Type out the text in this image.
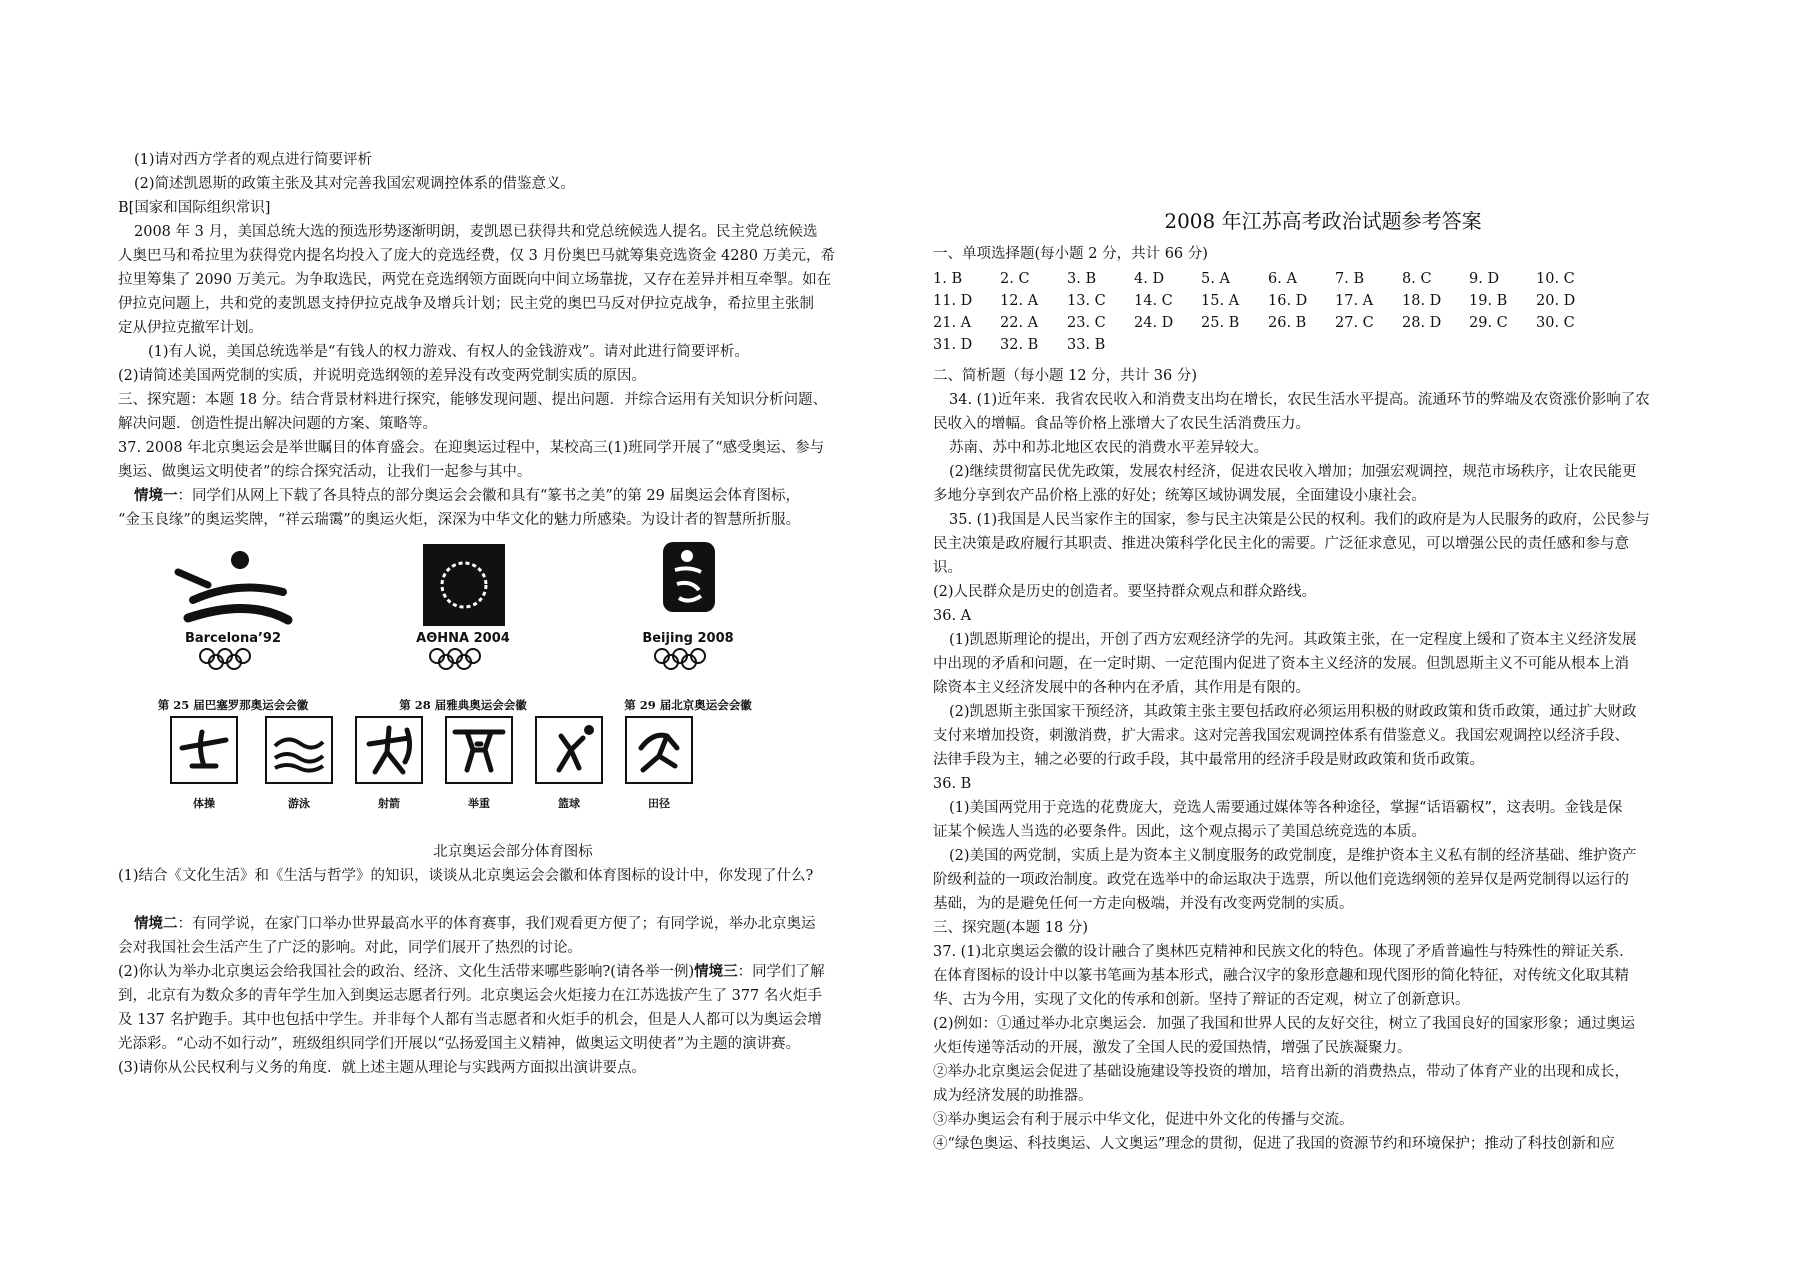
(1)请对西方学者的观点进行简要评析
(2)简述凯恩斯的政策主张及其对完善我国宏观调控体系的借鉴意义。
B[国家和国际组织常识]
2008 年 3 月，美国总统大选的预选形势逐渐明朗，麦凯恩已获得共和党总统候选人提名。民主党总统候选
人奥巴马和希拉里为获得党内提名均投入了庞大的竞选经费，仅 3 月份奥巴马就筹集竞选资金 4280 万美元，希
拉里筹集了 2090 万美元。为争取选民，两党在竞选纲领方面既向中间立场靠拢，又存在差异并相互牵掣。如在
伊拉克问题上，共和党的麦凯恩支持伊拉克战争及增兵计划；民主党的奥巴马反对伊拉克战争，希拉里主张制
定从伊拉克撤军计划。
(1)有人说，美国总统选举是“有钱人的权力游戏、有权人的金钱游戏”。请对此进行简要评析。
(2)请简述美国两党制的实质，并说明竞选纲领的差异没有改变两党制实质的原因。
三、探究题：本题 18 分。结合背景材料进行探究，能够发现问题、提出问题．并综合运用有关知识分析问题、
解决问题．创造性提出解决问题的方案、策略等。
37. 2008 年北京奥运会是举世瞩目的体育盛会。在迎奥运过程中，某校高三(1)班同学开展了“感受奥运、参与
奥运、做奥运文明使者”的综合探究活动，让我们一起参与其中。
情境一：同学们从网上下载了各具特点的部分奥运会会徽和具有“篆书之美”的第 29 届奥运会体育图标，
“金玉良缘”的奥运奖牌，“祥云瑞霭”的奥运火炬，深深为中华文化的魅力所感染。为设计者的智慧所折服。
Barcelona’92
第 25 届巴塞罗那奥运会会徽
AΘHNA 2004
第 28 届雅典奥运会会徽
Beijing 2008
第 29 届北京奥运会会徽
体操	游泳	射箭	举重	篮球	田径
北京奥运会部分体育图标
(1)结合《文化生活》和《生活与哲学》的知识，谈谈从北京奥运会会徽和体育图标的设计中，你发现了什么?
情境二：有同学说，在家门口举办世界最高水平的体育赛事，我们观看更方便了；有同学说，举办北京奥运
会对我国社会生活产生了广泛的影响。对此，同学们展开了热烈的讨论。
(2)你认为举办北京奥运会给我国社会的政治、经济、文化生活带来哪些影响?(请各举一例)情境三：同学们了解
到，北京有为数众多的青年学生加入到奥运志愿者行列。北京奥运会火炬接力在江苏选拔产生了 377 名火炬手
及 137 名护跑手。其中也包括中学生。并非每个人都有当志愿者和火炬手的机会，但是人人都可以为奥运会增
光添彩。“心动不如行动”，班级组织同学们开展以“弘扬爱国主义精神，做奥运文明使者”为主题的演讲赛。
(3)请你从公民权利与义务的角度．就上述主题从理论与实践两方面拟出演讲要点。
2008 年江苏高考政治试题参考答案
一、单项选择题(每小题 2 分，共计 66 分)
1. B	2. C	3. B	4. D	5. A	6. A	7. B	8. C	9. D	10. C
11. D	12. A	13. C	14. C	15. A	16. D	17. A	18. D	19. B	20. D
21. A	22. A	23. C	24. D	25. B	26. B	27. C	28. D	29. C	30. C
31. D	32. B	33. B							
二、简析题（每小题 12 分，共计 36 分)
34. (1)近年来．我省农民收入和消费支出均在增长，农民生活水平提高。流通环节的弊端及农资涨价影响了农
民收入的增幅。食品等价格上涨增大了农民生活消费压力。
苏南、苏中和苏北地区农民的消费水平差异较大。
(2)继续贯彻富民优先政策，发展农村经济，促进农民收入增加；加强宏观调控，规范市场秩序，让农民能更
多地分享到农产品价格上涨的好处；统筹区域协调发展，全面建设小康社会。
35. (1)我国是人民当家作主的国家，参与民主决策是公民的权利。我们的政府是为人民服务的政府，公民参与
民主决策是政府履行其职责、推进决策科学化民主化的需要。广泛征求意见，可以增强公民的责任感和参与意
识。
(2)人民群众是历史的创造者。要坚持群众观点和群众路线。
36. A
(1)凯恩斯理论的提出，开创了西方宏观经济学的先河。其政策主张，在一定程度上缓和了资本主义经济发展
中出现的矛盾和问题，在一定时期、一定范围内促进了资本主义经济的发展。但凯恩斯主义不可能从根本上消
除资本主义经济发展中的各种内在矛盾，其作用是有限的。
(2)凯恩斯主张国家干预经济，其政策主张主要包括政府必须运用积极的财政政策和货币政策，通过扩大财政
支付来增加投资，刺激消费，扩大需求。这对完善我国宏观调控体系有借鉴意义。我国宏观调控以经济手段、
法律手段为主，辅之必要的行政手段，其中最常用的经济手段是财政政策和货币政策。
36. B
(1)美国两党用于竞选的花费庞大，竞选人需要通过媒体等各种途径，掌握“话语霸权”，这表明。金钱是保
证某个候选人当选的必要条件。因此，这个观点揭示了美国总统竞选的本质。
(2)美国的两党制，实质上是为资本主义制度服务的政党制度，是维护资本主义私有制的经济基础、维护资产
阶级利益的一项政治制度。政党在选举中的命运取决于选票，所以他们竞选纲领的差异仅是两党制得以运行的
基础，为的是避免任何一方走向极端，并没有改变两党制的实质。
三、探究题(本题 18 分)
37. (1)北京奥运会徽的设计融合了奥林匹克精神和民族文化的特色。体现了矛盾普遍性与特殊性的辩证关系．
在体育图标的设计中以篆书笔画为基本形式，融合汉字的象形意趣和现代图形的简化特征，对传统文化取其精
华、古为今用，实现了文化的传承和创新。坚持了辩证的否定观，树立了创新意识。
(2)例如：①通过举办北京奥运会．加强了我国和世界人民的友好交往，树立了我国良好的国家形象；通过奥运
火炬传递等活动的开展，激发了全国人民的爱国热情，增强了民族凝聚力。
②举办北京奥运会促进了基础设施建设等投资的增加，培育出新的消费热点，带动了体育产业的出现和成长，
成为经济发展的助推器。
③举办奥运会有利于展示中华文化，促进中外文化的传播与交流。
④“绿色奥运、科技奥运、人文奥运”理念的贯彻，促进了我国的资源节约和环境保护；推动了科技创新和应
